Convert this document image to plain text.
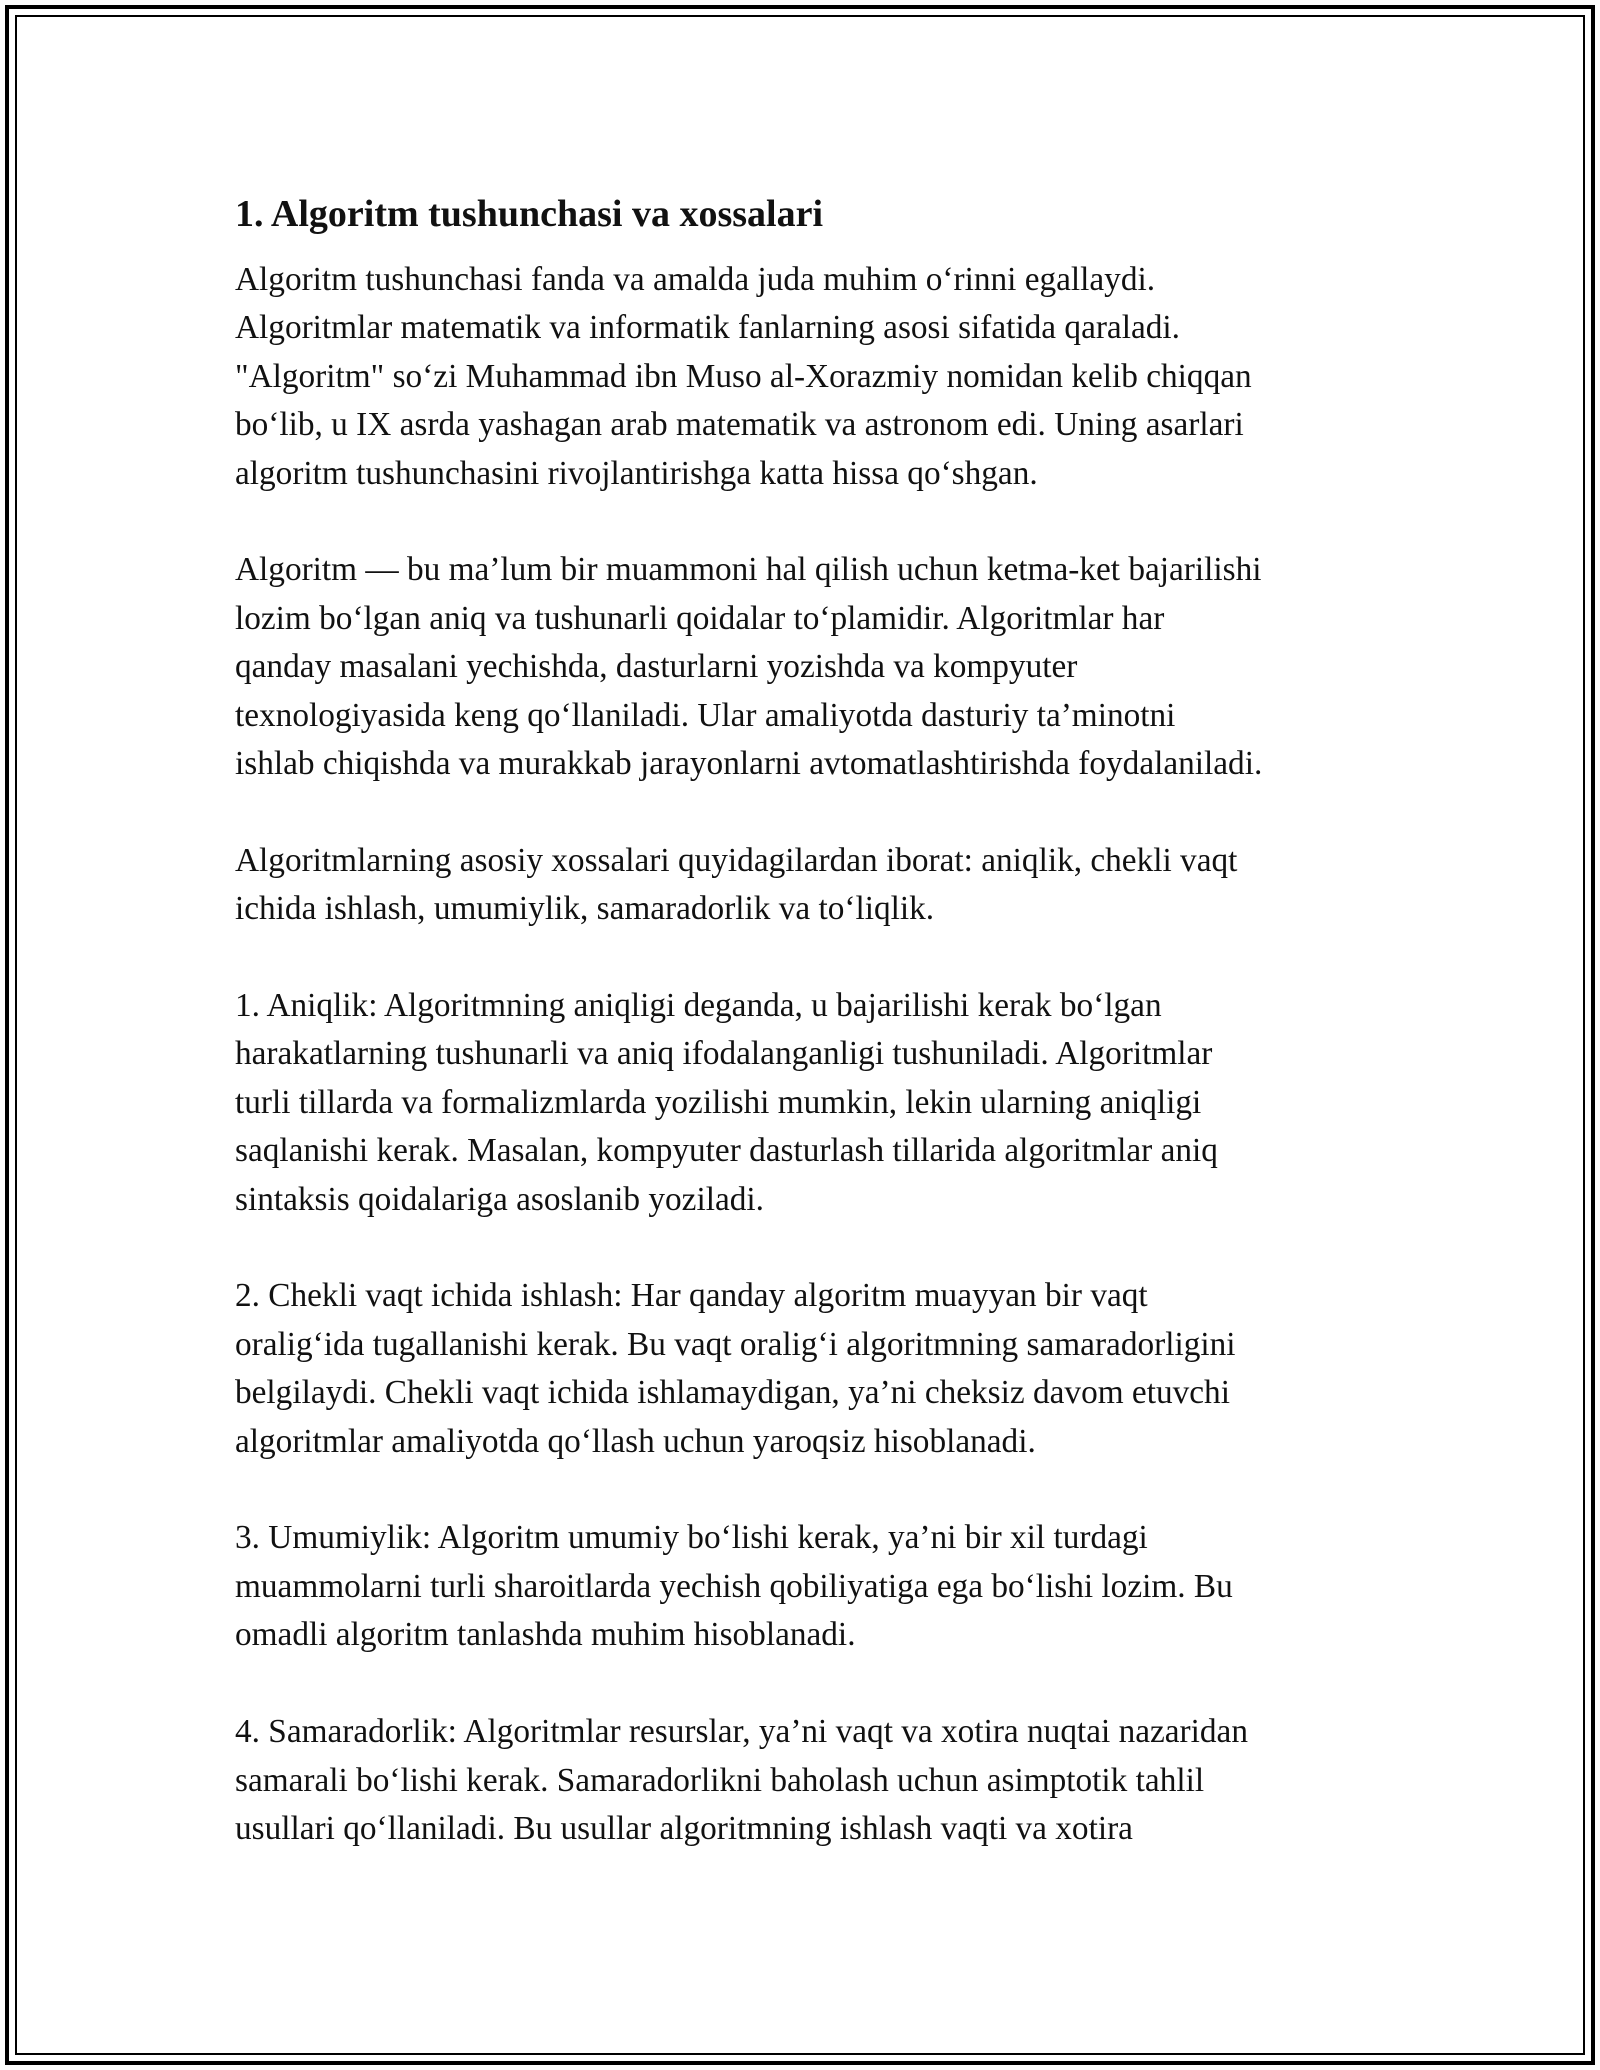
1. Algoritm tushunchasi va xossalari

Algoritm tushunchasi fanda va amalda juda muhim o‘rinni egallaydi.
Algoritmlar matematik va informatik fanlarning asosi sifatida qaraladi.
"Algoritm" so‘zi Muhammad ibn Muso al-Xorazmiy nomidan kelib chiqqan
bo‘lib, u IX asrda yashagan arab matematik va astronom edi. Uning asarlari
algoritm tushunchasini rivojlantirishga katta hissa qo‘shgan.

Algoritm — bu ma’lum bir muammoni hal qilish uchun ketma-ket bajarilishi
lozim bo‘lgan aniq va tushunarli qoidalar to‘plamidir. Algoritmlar har
qanday masalani yechishda, dasturlarni yozishda va kompyuter
texnologiyasida keng qo‘llaniladi. Ular amaliyotda dasturiy ta’minotni
ishlab chiqishda va murakkab jarayonlarni avtomatlashtirishda foydalaniladi.

Algoritmlarning asosiy xossalari quyidagilardan iborat: aniqlik, chekli vaqt
ichida ishlash, umumiylik, samaradorlik va to‘liqlik.

1. Aniqlik: Algoritmning aniqligi deganda, u bajarilishi kerak bo‘lgan
harakatlarning tushunarli va aniq ifodalanganligi tushuniladi. Algoritmlar
turli tillarda va formalizmlarda yozilishi mumkin, lekin ularning aniqligi
saqlanishi kerak. Masalan, kompyuter dasturlash tillarida algoritmlar aniq
sintaksis qoidalariga asoslanib yoziladi.

2. Chekli vaqt ichida ishlash: Har qanday algoritm muayyan bir vaqt
oralig‘ida tugallanishi kerak. Bu vaqt oralig‘i algoritmning samaradorligini
belgilaydi. Chekli vaqt ichida ishlamaydigan, ya’ni cheksiz davom etuvchi
algoritmlar amaliyotda qo‘llash uchun yaroqsiz hisoblanadi.

3. Umumiylik: Algoritm umumiy bo‘lishi kerak, ya’ni bir xil turdagi
muammolarni turli sharoitlarda yechish qobiliyatiga ega bo‘lishi lozim. Bu
omadli algoritm tanlashda muhim hisoblanadi.

4. Samaradorlik: Algoritmlar resurslar, ya’ni vaqt va xotira nuqtai nazaridan
samarali bo‘lishi kerak. Samaradorlikni baholash uchun asimptotik tahlil
usullari qo‘llaniladi. Bu usullar algoritmning ishlash vaqti va xotira
